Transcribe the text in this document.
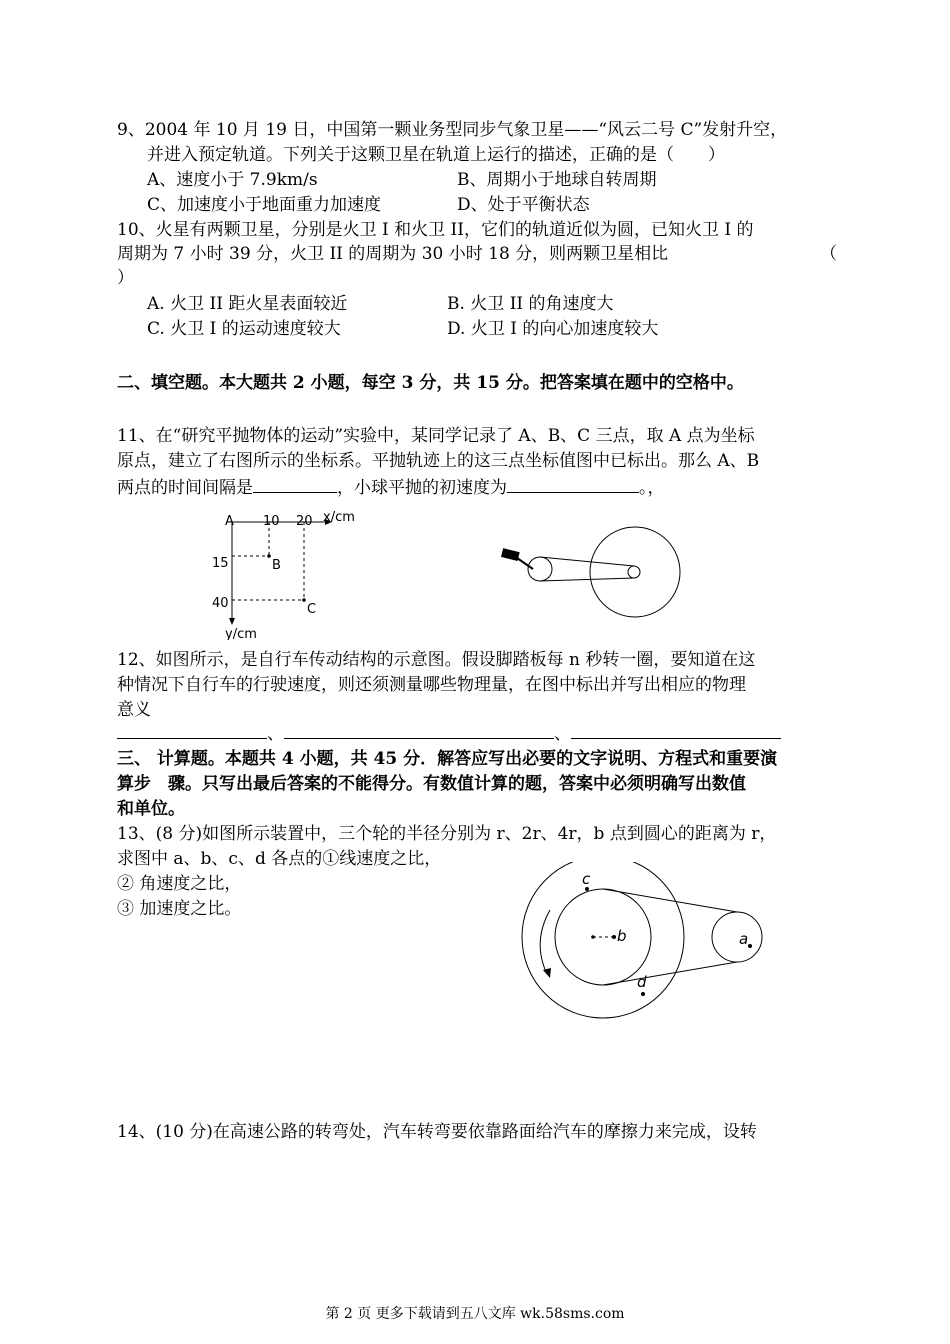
9、2004 年 10 月 19 日，中国第一颗业务型同步气象卫星——“风云二号 C”发射升空，
并进入预定轨道。下列关于这颗卫星在轨道上运行的描述，正确的是（　　）
A、速度小于 7.9km/s	B、周期小于地球自转周期
C、加速度小于地面重力加速度	D、处于平衡状态
10、火星有两颗卫星，分别是火卫 I 和火卫 II，它们的轨道近似为圆，已知火卫 I 的
周期为 7 小时 39 分，火卫 II 的周期为 30 小时 18 分，则两颗卫星相比	（
）
A. 火卫 II 距火星表面较近	B. 火卫 II 的角速度大
C. 火卫 I 的运动速度较大	D. 火卫 I 的向心加速度较大
二、填空题。本大题共 2 小题，每空 3 分，共 15 分。把答案填在题中的空格中。
11、在“研究平抛物体的运动”实验中，某同学记录了 A、B、C 三点，取 A 点为坐标
原点，建立了右图所示的坐标系。平抛轨迹上的这三点坐标值图中已标出。那么 A、B
两点的时间间隔是	，小球平抛的初速度为	。，
A 10 20 x/cm
15	B
40	C
y/cm
12、如图所示，是自行车传动结构的示意图。假设脚踏板每 n 秒转一圈，要知道在这
种情况下自行车的行驶速度，则还须测量哪些物理量，在图中标出并写出相应的物理
意义
、	、
三、 计算题。本题共 4 小题，共 45 分．解答应写出必要的文字说明、方程式和重要演
算步　骤。只写出最后答案的不能得分。有数值计算的题，答案中必须明确写出数值
和单位。
13、(8 分)如图所示装置中，三个轮的半径分别为 r、2r、4r，b 点到圆心的距离为 r，
求图中 a、b、c、d 各点的①线速度之比，
② 角速度之比，
③ 加速度之比。
b
c
d
a
14、(10 分)在高速公路的转弯处，汽车转弯要依靠路面给汽车的摩擦力来完成，设转
第 2 页 更多下载请到五八文库 wk.58sms.com
